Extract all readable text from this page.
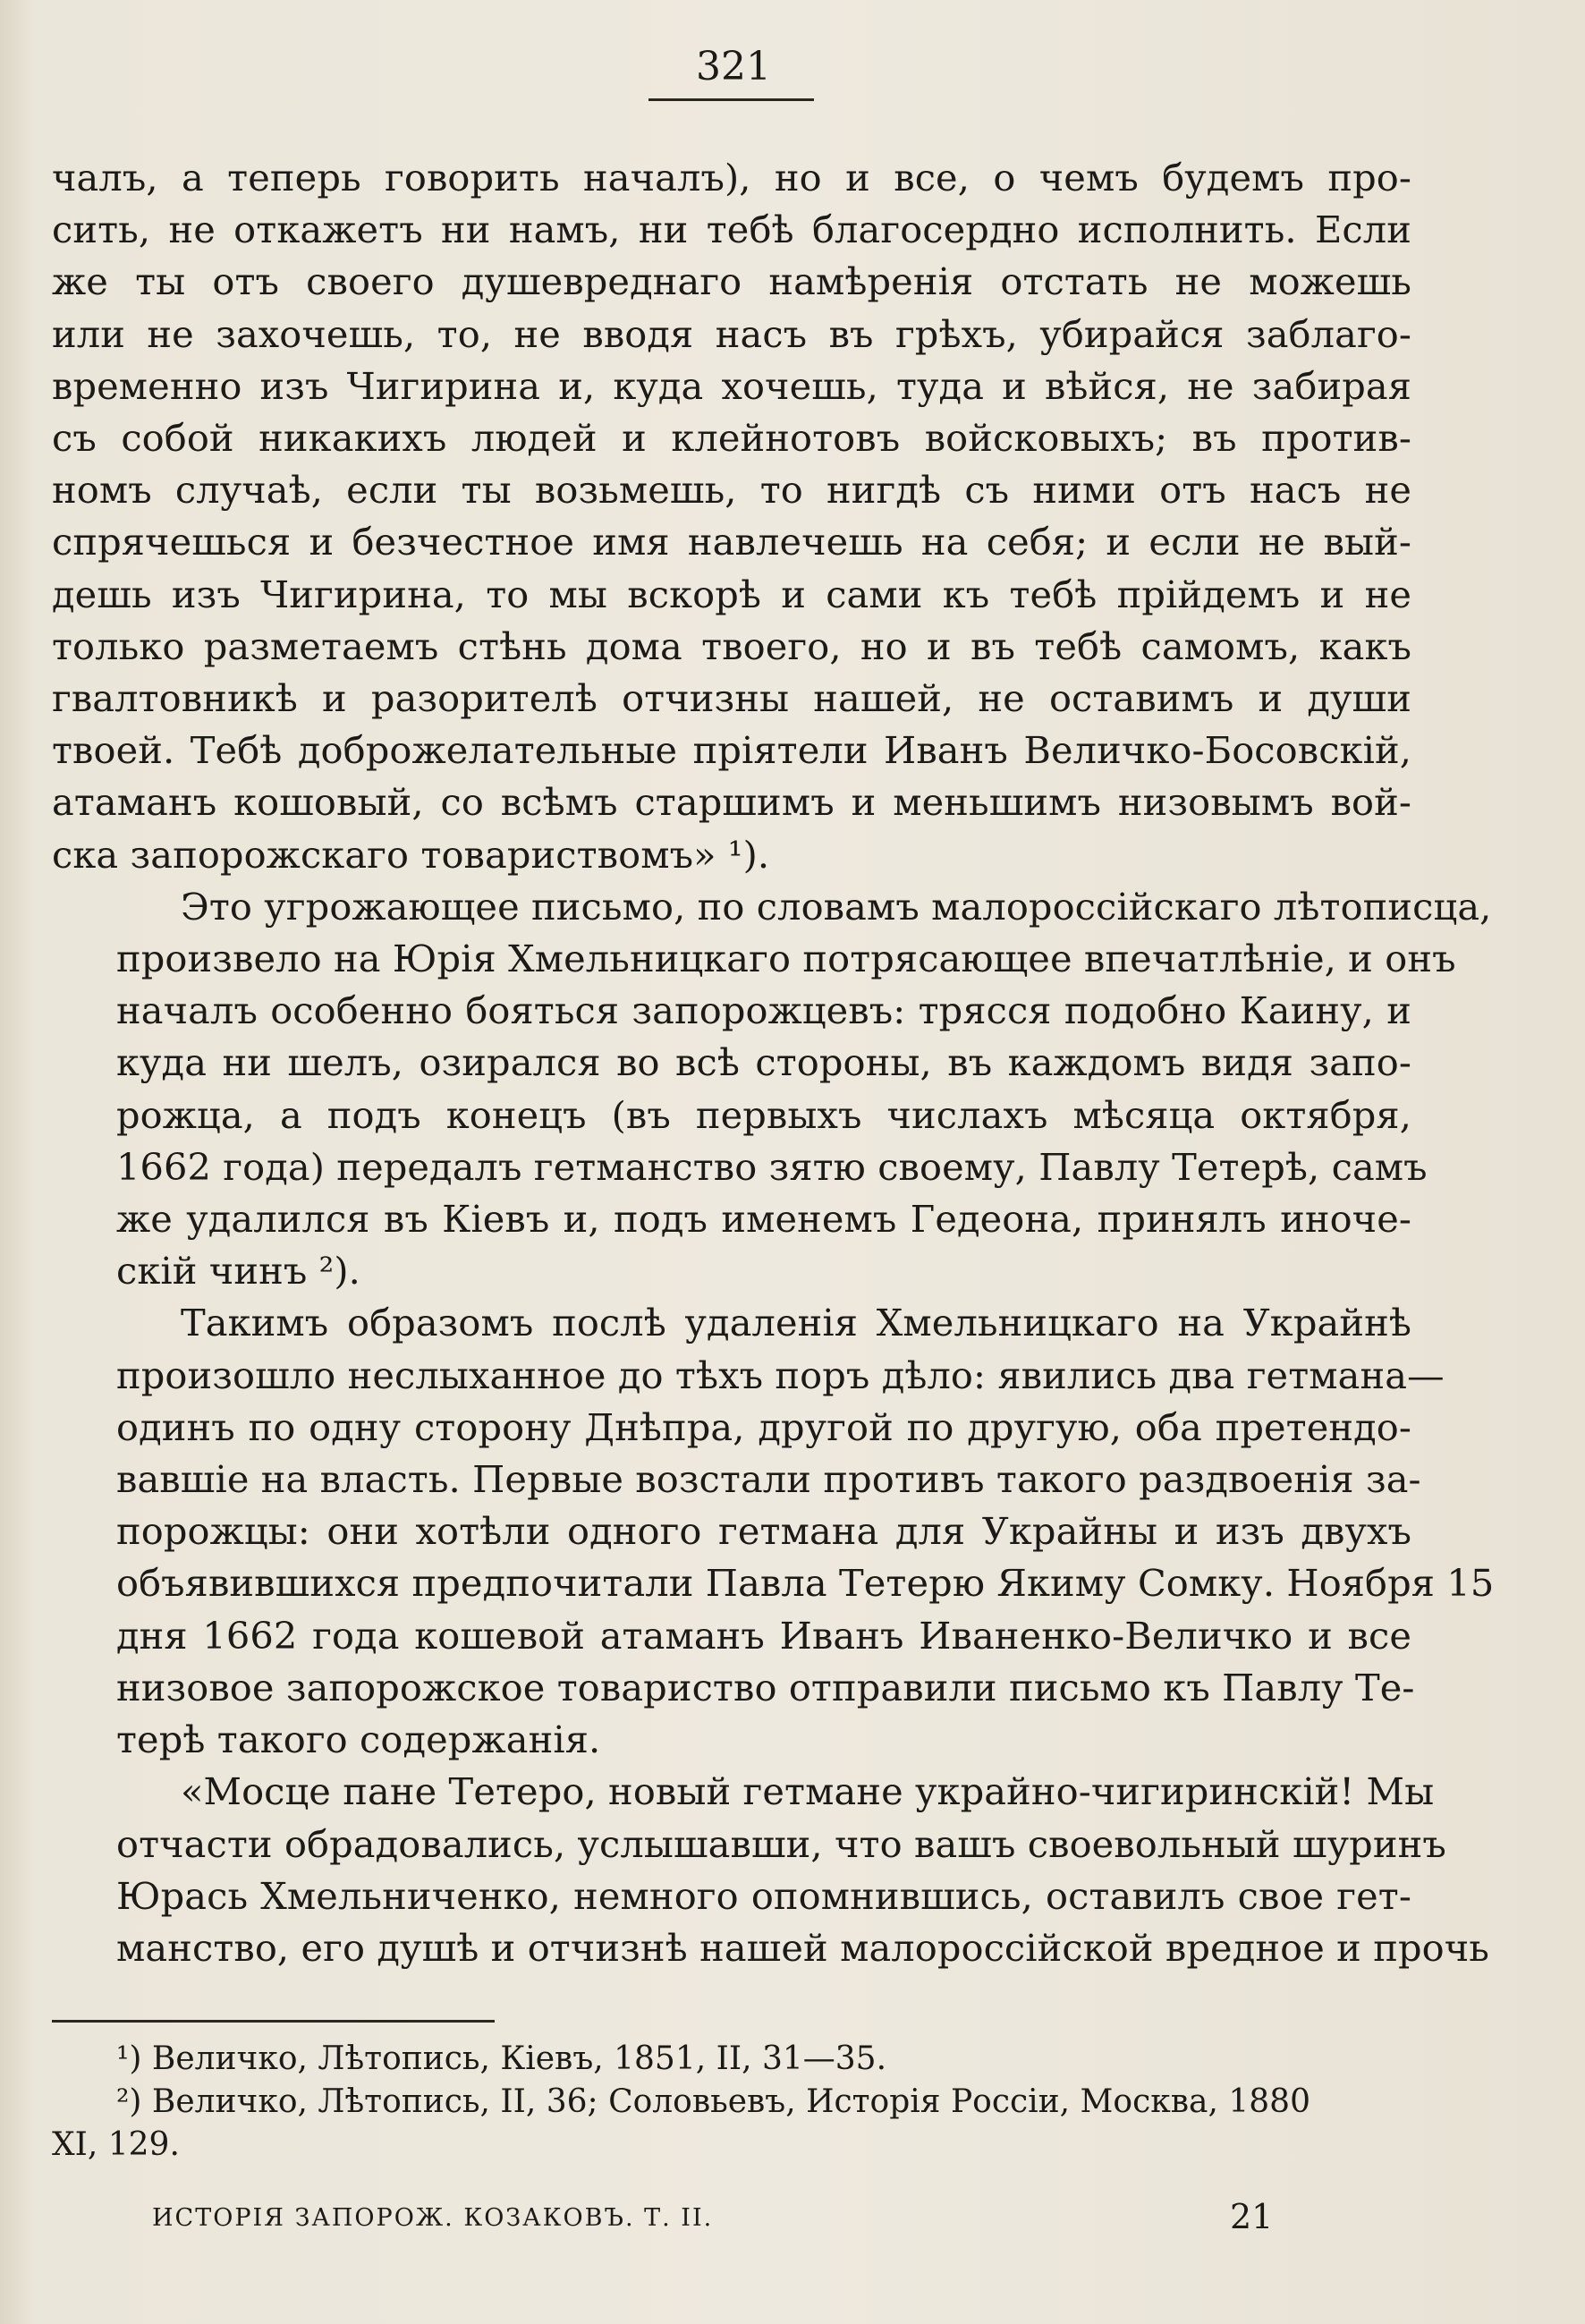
321

чалъ, а теперь говорить началъ), но и все, о чемъ будемъ про-
сить, не откажетъ ни намъ, ни тебѣ благосердно исполнить. Если
же ты отъ своего душевреднаго намѣренія отстать не можешь
или не захочешь, то, не вводя насъ въ грѣхъ, убирайся заблаго-
временно изъ Чигирина и, куда хочешь, туда и вѣйся, не забирая
съ собой никакихъ людей и клейнотовъ войсковыхъ; въ против-
номъ случаѣ, если ты возьмешь, то нигдѣ съ ними отъ насъ не
спрячешься и безчестное имя навлечешь на себя; и если не вый-
дешь изъ Чигирина, то мы вскорѣ и сами къ тебѣ прійдемъ и не
только разметаемъ стѣнь дома твоего, но и въ тебѣ самомъ, какъ
гвалтовникѣ и разорителѣ отчизны нашей, не оставимъ и души
твоей. Тебѣ доброжелательные пріятели Иванъ Величко-Босовскій,
атаманъ кошовый, со всѣмъ старшимъ и меньшимъ низовымъ вой-
ска запорожскаго товариствомъ» ¹).

Это угрожающее письмо, по словамъ малороссійскаго лѣтописца,
произвело на Юрія Хмельницкаго потрясающее впечатлѣніе, и онъ
началъ особенно бояться запорожцевъ: трясся подобно Каину, и
куда ни шелъ, озирался во всѣ стороны, въ каждомъ видя запо-
рожца, а подъ конецъ (въ первыхъ числахъ мѣсяца октября,
1662 года) передалъ гетманство зятю своему, Павлу Тетерѣ, самъ
же удалился въ Кіевъ и, подъ именемъ Гедеона, принялъ иноче-
скій чинъ ²).

Такимъ образомъ послѣ удаленія Хмельницкаго на Украйнѣ
произошло неслыханное до тѣхъ поръ дѣло: явились два гетмана—
одинъ по одну сторону Днѣпра, другой по другую, оба претендо-
вавшіе на власть. Первые возстали противъ такого раздвоенія за-
порожцы: они хотѣли одного гетмана для Украйны и изъ двухъ
объявившихся предпочитали Павла Тетерю Якиму Сомку. Ноября 15
дня 1662 года кошевой атаманъ Иванъ Иваненко-Величко и все
низовое запорожское товариство отправили письмо къ Павлу Те-
терѣ такого содержанія.

«Мосце пане Тетеро, новый гетмане украйно-чигиринскій! Мы
отчасти обрадовались, услышавши, что вашъ своевольный шуринъ
Юрась Хмельниченко, немного опомнившись, оставилъ свое гет-
манство, его душѣ и отчизнѣ нашей малороссійской вредное и прочь

¹) Величко, Лѣтопись, Кіевъ, 1851, II, 31—35.
²) Величко, Лѣтопись, II, 36; Соловьевъ, Исторія Россіи, Москва, 1880
XI, 129.
ИСТОРІЯ ЗАПОРОЖ. КОЗАКОВЪ. Т. II.	21
